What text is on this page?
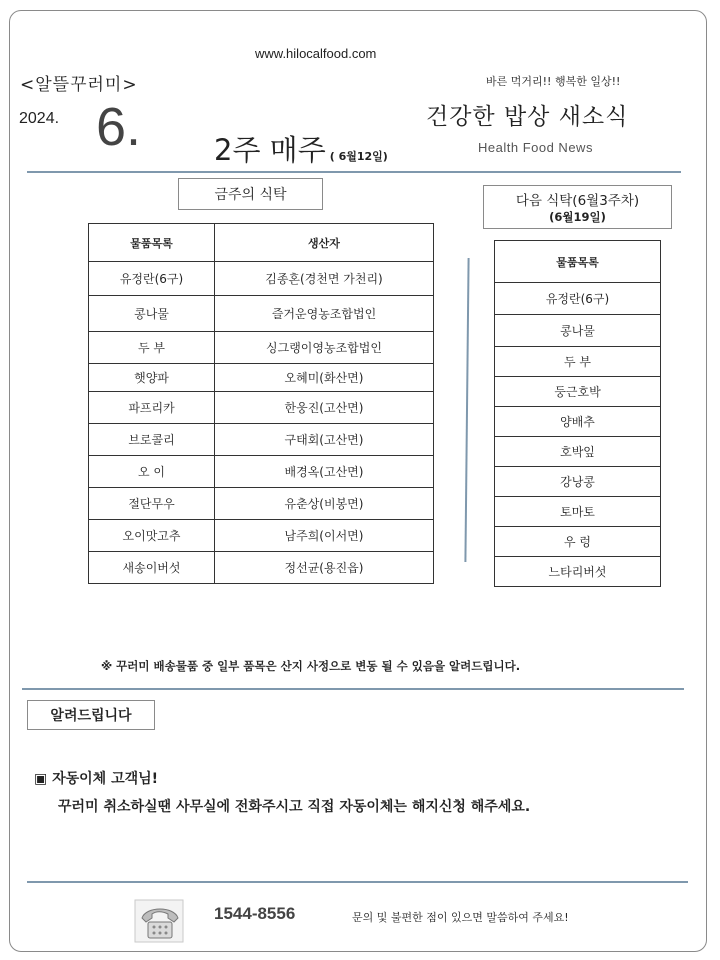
www.hilocalfood.com
<알뜰꾸러미>	바른 먹거리!! 행복한 일상!!
2024. 6.	건강한 밥상 새소식
2주 매주 ( 6월12일)
Health Food News
금주의 식탁	다음 식탁(6월3주차)
(6월19일)
물품목록	생산자
유정란(6구)	김종혼(경천면 가천리)
콩나물	즐거운영농조합법인
두 부	싱그랭이영농조합법인
햇양파	오혜미(화산면)
파프리카	한웅진(고산면)
브로콜리	구태회(고산면)
오 이	배경옥(고산면)
절단무우	유춘상(비봉면)
오이맛고추	남주희(이서면)
새송이버섯	정선균(용진읍)
물품목록
유정란(6구)
콩나물
두 부
둥근호박
양배추
호박잎
강낭콩
토마토
우 렁
느타리버섯
※ 꾸러미 배송물품 중 일부 품목은 산지 사정으로 변동 될 수 있음을 알려드립니다.
알려드립니다
▣ 자동이체 고객님!
꾸러미 취소하실땐 사무실에 전화주시고 직접 자동이체는 해지신청 해주세요.
1544-8556	문의 및 불편한 점이 있으면 말씀하여 주세요!
